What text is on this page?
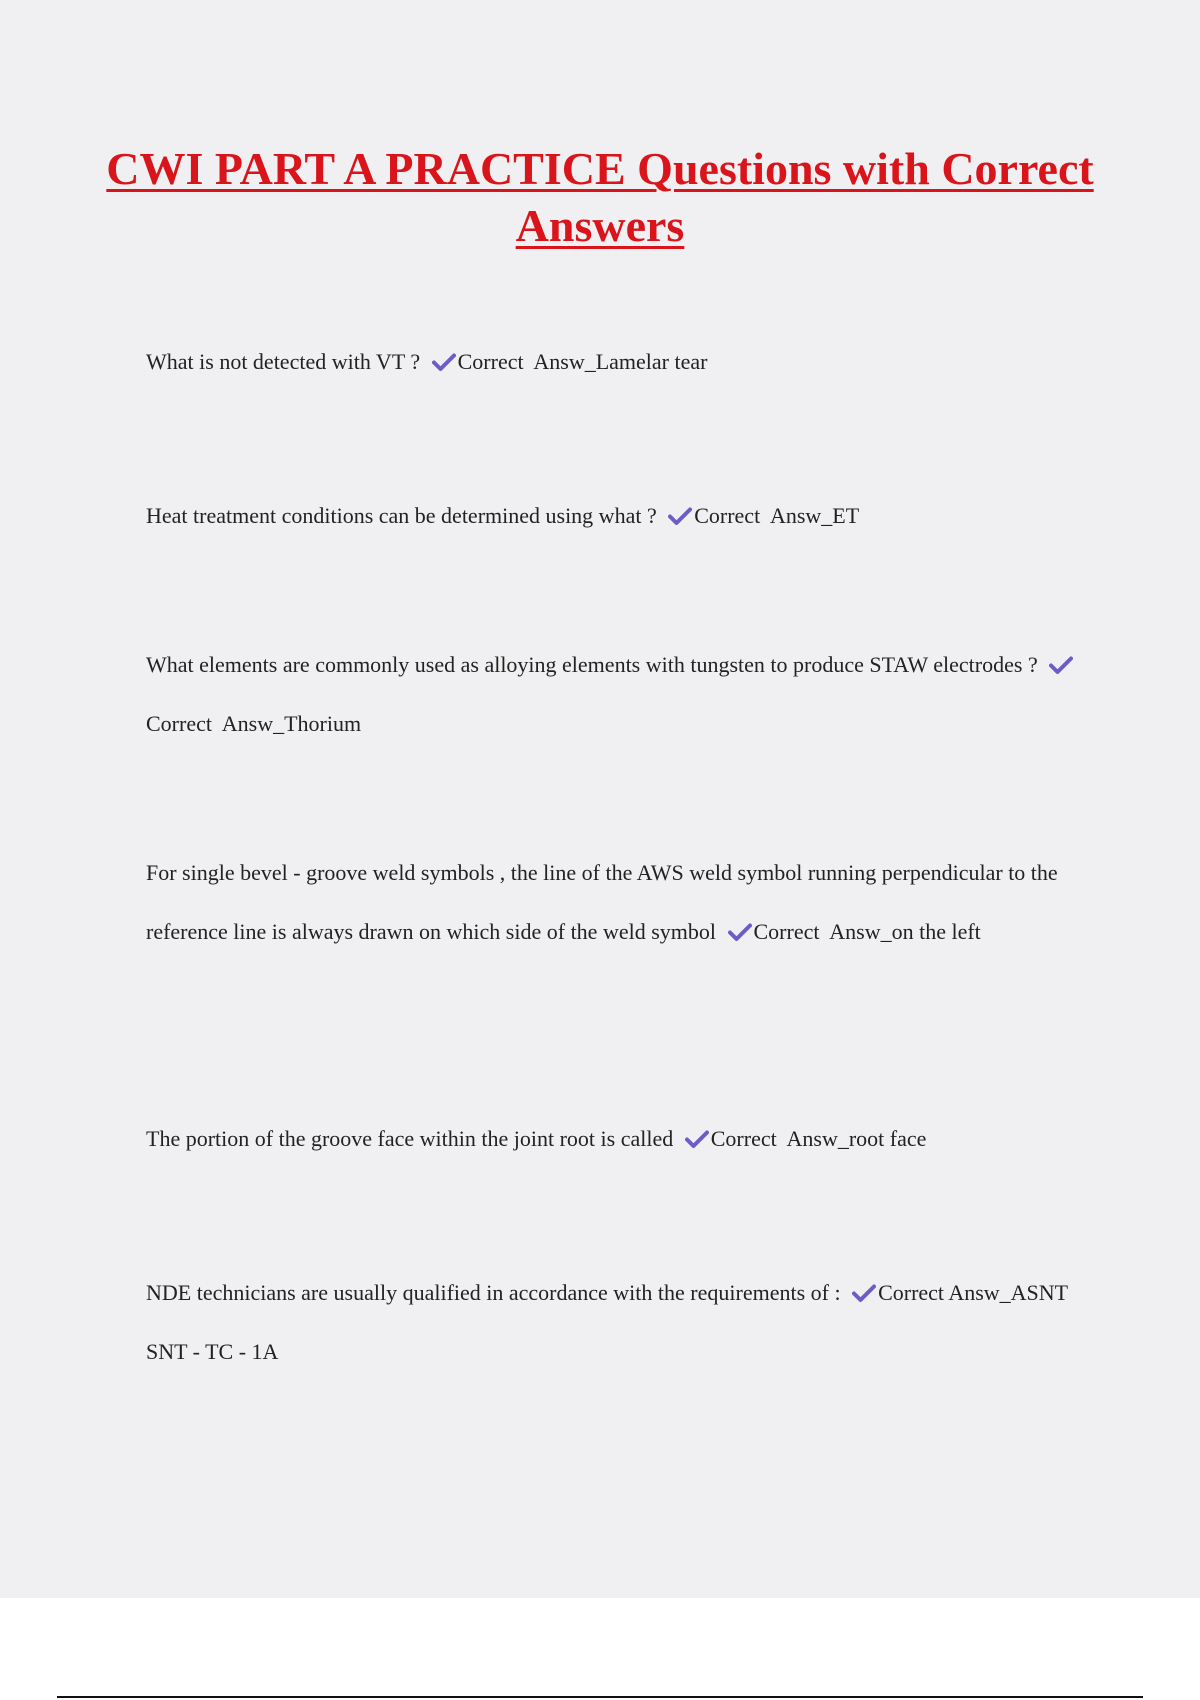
CWI PART A PRACTICE Questions with Correct Answers

What is not detected with VT ? Correct  Answ_Lamelar tear

Heat treatment conditions can be determined using what ? Correct  Answ_ET

What elements are commonly used as alloying elements with tungsten to produce STAW electrodes ?
Correct  Answ_Thorium

For single bevel - groove weld symbols , the line of the AWS weld symbol running perpendicular to the reference line is always drawn on which side of the weld symbol Correct  Answ_on the left

The portion of the groove face within the joint root is called Correct  Answ_root face

NDE technicians are usually qualified in accordance with the requirements of : Correct Answ_ASNT SNT - TC - 1A
